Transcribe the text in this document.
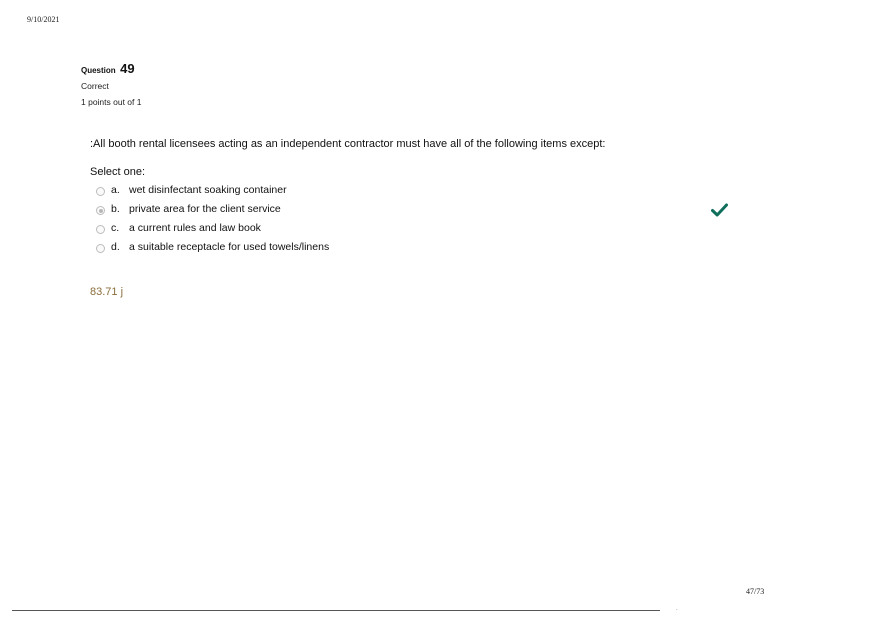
9/10/2021
Question 49
Correct
1 points out of 1
:All booth rental licensees acting as an independent contractor must have all of the following items except:
Select one:
a. wet disinfectant soaking container
b. private area for the client service
c. a current rules and law book
d. a suitable receptacle for used towels/linens
83.71 j
47/73
.
